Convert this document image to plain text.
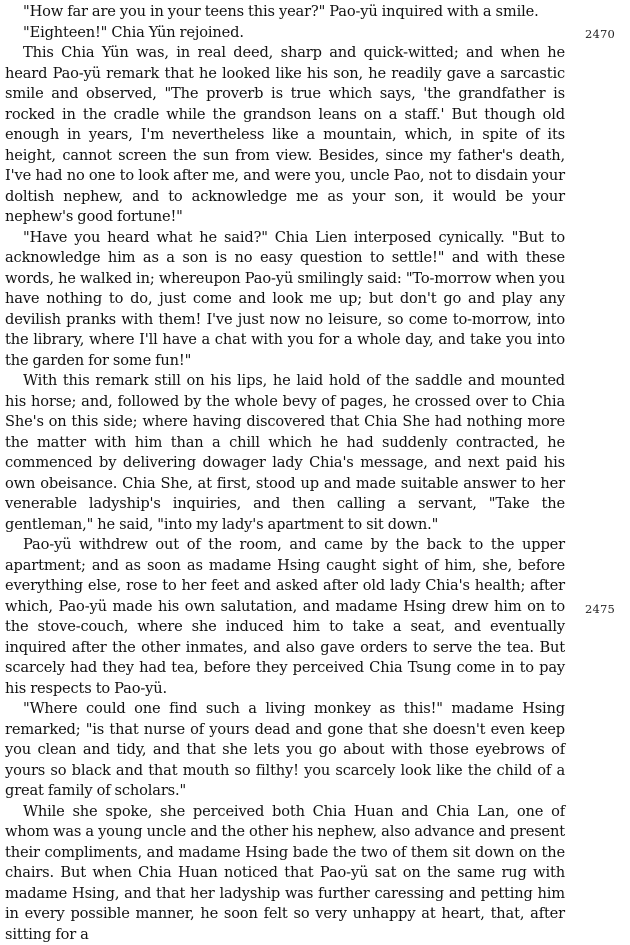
"How far are you in your teens this year?" Pao-yü inquired with a smile.

"Eighteen!" Chia Yün rejoined.

This Chia Yün was, in real deed, sharp and quick-witted; and when he heard Pao-yü remark that he looked like his son, he readily gave a sarcastic smile and observed, "The proverb is true which says, 'the grandfather is rocked in the cradle while the grandson leans on a staff.' But though old enough in years, I'm nevertheless like a mountain, which, in spite of its height, cannot screen the sun from view. Besides, since my father's death, I've had no one to look after me, and were you, uncle Pao, not to disdain your doltish nephew, and to acknowledge me as your son, it would be your nephew's good fortune!"

"Have you heard what he said?" Chia Lien interposed cynically. "But to acknowledge him as a son is no easy question to settle!" and with these words, he walked in; whereupon Pao-yü smilingly said: "To-morrow when you have nothing to do, just come and look me up; but don't go and play any devilish pranks with them! I've just now no leisure, so come to-morrow, into the library, where I'll have a chat with you for a whole day, and take you into the garden for some fun!"

With this remark still on his lips, he laid hold of the saddle and mounted his horse; and, followed by the whole bevy of pages, he crossed over to Chia She's on this side; where having discovered that Chia She had nothing more the matter with him than a chill which he had suddenly contracted, he commenced by delivering dowager lady Chia's message, and next paid his own obeisance. Chia She, at first, stood up and made suitable answer to her venerable ladyship's inquiries, and then calling a servant, "Take the gentleman," he said, "into my lady's apartment to sit down."

Pao-yü withdrew out of the room, and came by the back to the upper apartment; and as soon as madame Hsing caught sight of him, she, before everything else, rose to her feet and asked after old lady Chia's health; after which, Pao-yü made his own salutation, and madame Hsing drew him on to the stove-couch, where she induced him to take a seat, and eventually inquired after the other inmates, and also gave orders to serve the tea. But scarcely had they had tea, before they perceived Chia Tsung come in to pay his respects to Pao-yü.

"Where could one find such a living monkey as this!" madame Hsing remarked; "is that nurse of yours dead and gone that she doesn't even keep you clean and tidy, and that she lets you go about with those eyebrows of yours so black and that mouth so filthy! you scarcely look like the child of a great family of scholars."

While she spoke, she perceived both Chia Huan and Chia Lan, one of whom was a young uncle and the other his nephew, also advance and present their compliments, and madame Hsing bade the two of them sit down on the chairs. But when Chia Huan noticed that Pao-yü sat on the same rug with madame Hsing, and that her ladyship was further caressing and petting him in every possible manner, he soon felt so very unhappy at heart, that, after sitting for a

2470
2475
